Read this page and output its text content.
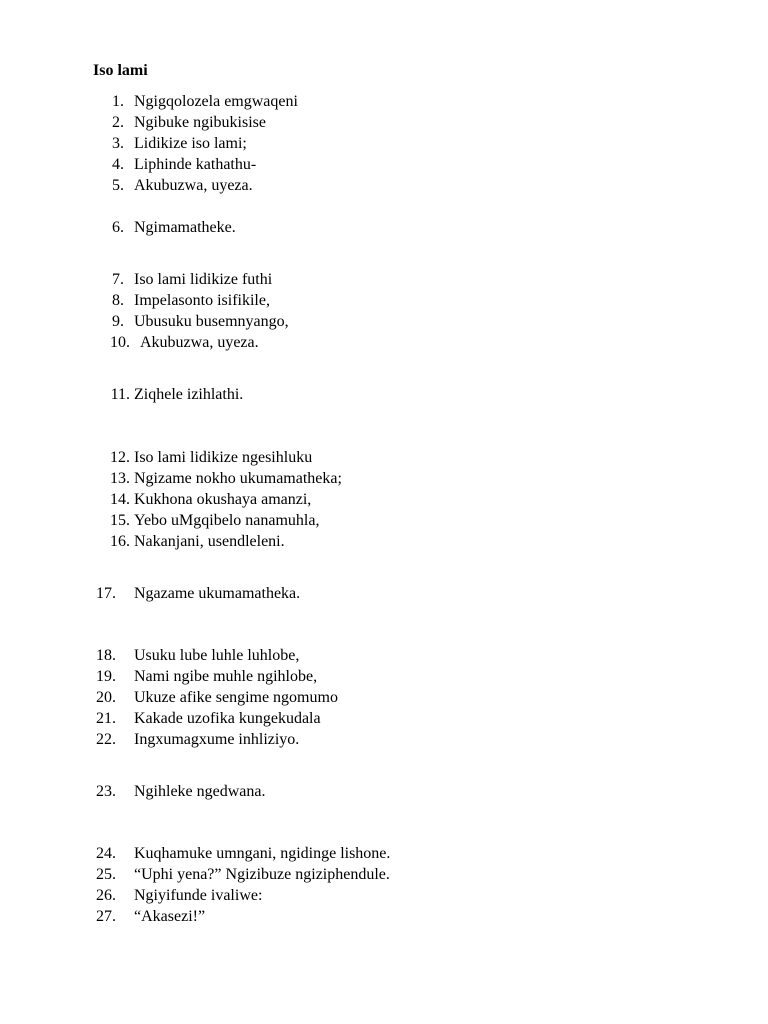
Iso lami
1. Ngigqolozela emgwaqeni
2. Ngibuke ngibukisise
3. Lidikize iso lami;
4. Liphinde kathathu-
5. Akubuzwa, uyeza.
6. Ngimamatheke.
7. Iso lami lidikize futhi
8. Impelasonto isifikile,
9. Ubusuku busemnyango,
10. Akubuzwa, uyeza.
11. Ziqhele izihlathi.
12. Iso lami lidikize ngesihluku
13. Ngizame nokho ukumamatheka;
14. Kukhona okushaya amanzi,
15. Yebo uMgqibelo nanamuhla,
16. Nakanjani, usendleleni.
17. Ngazame ukumamatheka.
18. Usuku lube luhle luhlobe,
19. Nami ngibe muhle ngihlobe,
20. Ukuze afike sengime ngomumo
21. Kakade uzofika kungekudala
22. Ingxumagxume inhliziyo.
23. Ngihleke ngedwana.
24. Kuqhamuke umngani, ngidinge lishone.
25. “Uphi yena?” Ngizibuze ngiziphendule.
26. Ngiyifunde ivaliwe:
27. “Akasezi!”
